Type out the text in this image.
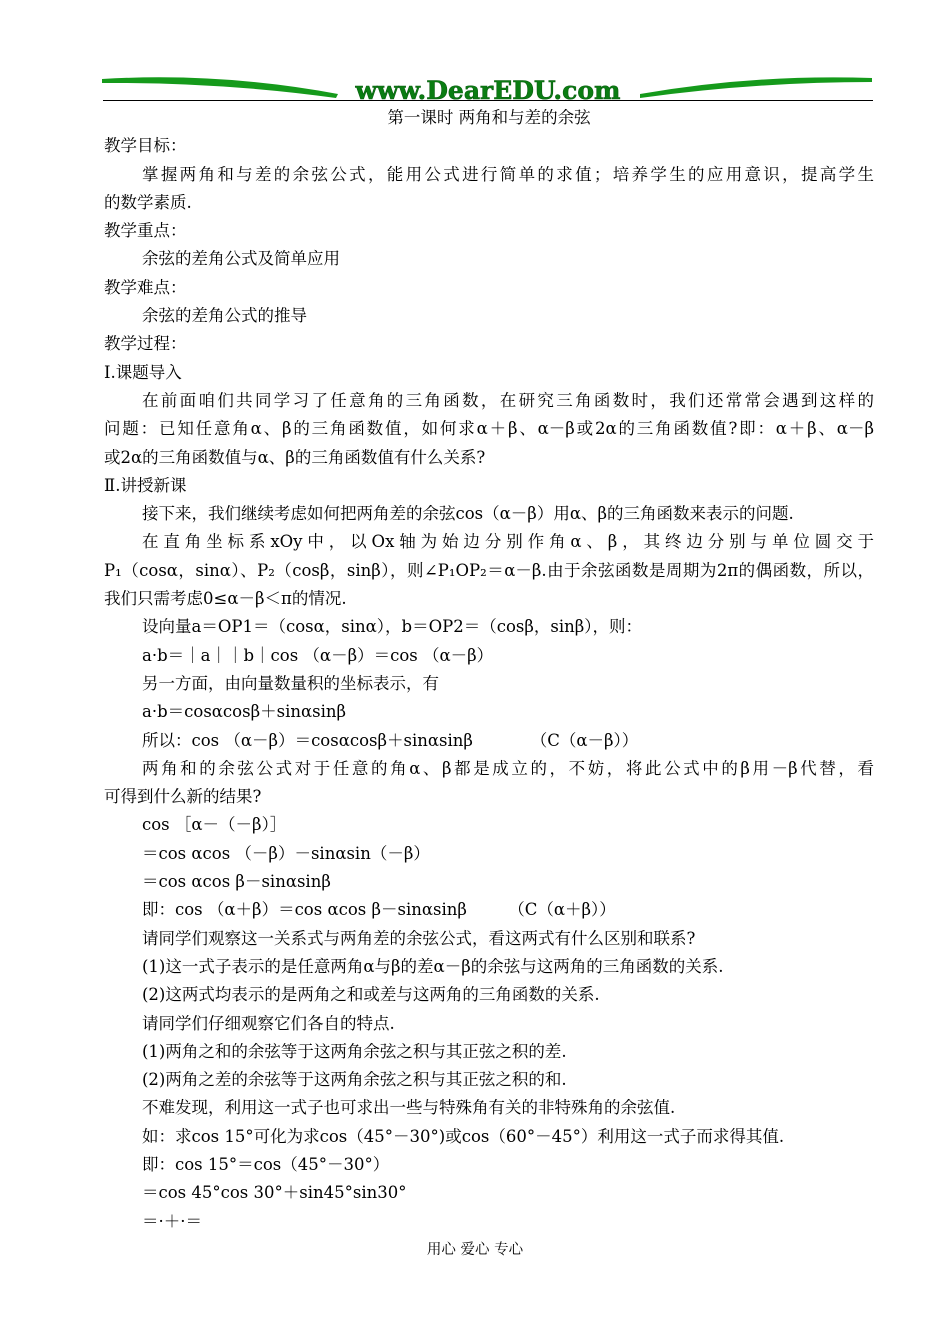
www.DearEDU.com
第一课时 两角和与差的余弦
教学目标：
掌握两角和与差的余弦公式，能用公式进行简单的求值；培养学生的应用意识，提高学生
的数学素质.
教学重点：
余弦的差角公式及简单应用
教学难点：
余弦的差角公式的推导
教学过程：
Ⅰ.课题导入
在前面咱们共同学习了任意角的三角函数，在研究三角函数时，我们还常常会遇到这样的
问题：已知任意角α、β的三角函数值，如何求α＋β、α－β或2α的三角函数值?即：α＋β、α－β
或2α的三角函数值与α、β的三角函数值有什么关系?
Ⅱ.讲授新课
接下来，我们继续考虑如何把两角差的余弦cos（α－β）用α、β的三角函数来表示的问题.
在直角坐标系xOy中，以Ox轴为始边分别作角α、β，其终边分别与单位圆交于
P₁（cosα，sinα）、P₂（cosβ，sinβ），则∠P₁OP₂＝α－β.由于余弦函数是周期为2π的偶函数，所以，
我们只需考虑0≤α－β＜π的情况.
设向量a＝OP1＝（cosα，sinα），b＝OP2＝（cosβ，sinβ），则：
a·b＝｜a｜｜b｜cos （α－β）＝cos （α－β）
另一方面，由向量数量积的坐标表示，有
a·b＝cosαcosβ＋sinαsinβ
所以：cos （α－β）＝cosαcosβ＋sinαsinβ　　　　（C（α－β））
两角和的余弦公式对于任意的角α、β都是成立的，不妨，将此公式中的β用－β代替，看
可得到什么新的结果?
cos ［α－（－β）］
＝cos αcos （－β）－sinαsin（－β）
＝cos αcos β－sinαsinβ
即：cos （α＋β）＝cos αcos β－sinαsinβ　　　（C（α＋β））
请同学们观察这一关系式与两角差的余弦公式，看这两式有什么区别和联系?
(1)这一式子表示的是任意两角α与β的差α－β的余弦与这两角的三角函数的关系.
(2)这两式均表示的是两角之和或差与这两角的三角函数的关系.
请同学们仔细观察它们各自的特点.
(1)两角之和的余弦等于这两角余弦之积与其正弦之积的差.
(2)两角之差的余弦等于这两角余弦之积与其正弦之积的和.
不难发现，利用这一式子也可求出一些与特殊角有关的非特殊角的余弦值.
如：求cos 15°可化为求cos（45°－30°)或cos（60°－45°）利用这一式子而求得其值.
即：cos 15°＝cos（45°－30°）
＝cos 45°cos 30°＋sin45°sin30°
＝·＋·＝
用心 爱心 专心
